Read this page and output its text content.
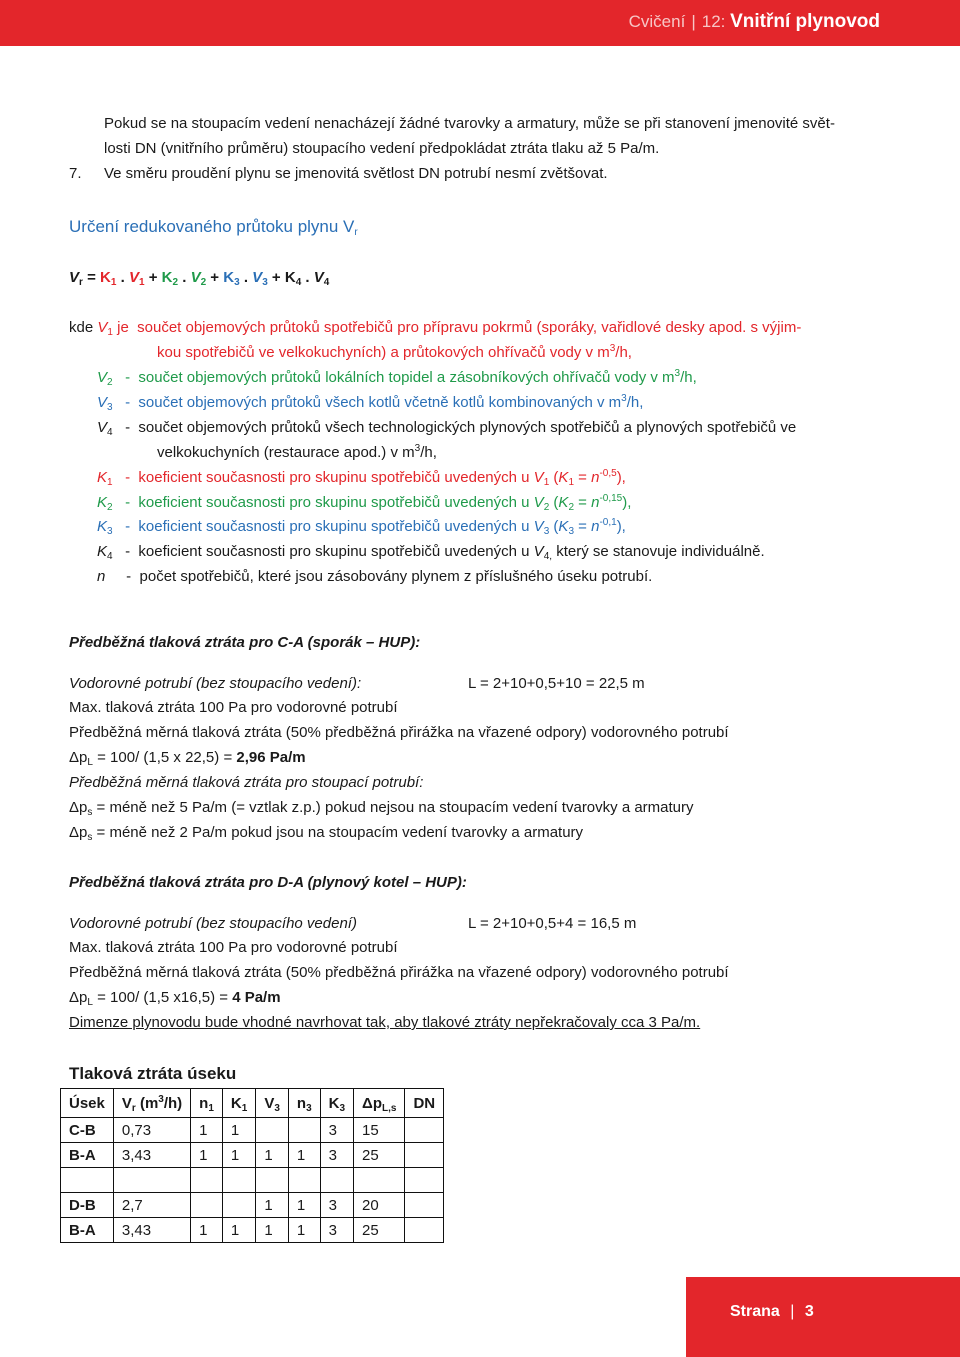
Cvičení | 12: Vnitřní plynovod
Pokud se na stoupacím vedení nenacházejí žádné tvarovky a armatury, může se při stanovení jmenovité svět-
losti DN (vnitřního průměru) stoupacího vedení předpokládat ztráta tlaku až 5 Pa/m.
7. Ve směru proudění plynu se jmenovitá světlost DN potrubí nesmí zvětšovat.
Určení redukovaného průtoku plynu $V_r$
$V_r = K_1$ . $V_1 + K_2$ . $V_2 + K_3$ . $V_3 + K_4$ . $V_4$
kde $V_1$ je součet objemových průtoků spotřebičů pro přípravu pokrmů (sporáky, vařidlové desky apod. s výjim-
kou spotřebičů ve velkokuchyních) a průtokových ohřívačů vody v $m^3/h$,
$V_2$   -  součet objemových průtoků lokálních topidel a zásobníkových ohřívačů vody v $m^3/h$,
$V_3$   -  součet objemových průtoků všech kotlů včetně kotlů kombinovaných v $m^3/h$,
$V_4$   -  součet objemových průtoků všech technologických plynových spotřebičů a plynových spotřebičů ve
velkokuchyních (restaurace apod.) v $m^3/h$,
$K_1$   -  koeficient současnosti pro skupinu spotřebičů uvedených u $V_1$ $(K_1 = n^{-0,5})$,
$K_2$   -  koeficient současnosti pro skupinu spotřebičů uvedených u $V_2$ $(K_2 = n^{-0,15})$,
$K_3$   -  koeficient současnosti pro skupinu spotřebičů uvedených u $V_3$ $(K_3 = n^{-0,1})$,
$K_4$   -  koeficient současnosti pro skupinu spotřebičů uvedených u $V_{4,}$ který se stanovuje individuálně.
n     -  počet spotřebičů, které jsou zásobovány plynem z příslušného úseku potrubí.
Předběžná tlaková ztráta pro C-A (sporák – HUP):
Vodorovné potrubí (bez stoupacího vedení):	L = 2+10+0,5+10 = 22,5 m
Max. tlaková ztráta 100 Pa pro vodorovné potrubí
Předběžná měrná tlaková ztráta (50% předběžná přirážka na vřazené odpory) vodorovného potrubí
$\Delta p_L = 100/$ (1,5 x 22,5) = 2,96 Pa/m
Předběžná měrná tlaková ztráta pro stoupací potrubí:
$\Delta p_s$ = méně než 5 Pa/m (= vztlak z.p.) pokud nejsou na stoupacím vedení tvarovky a armatury
$\Delta p_s$ = méně než 2 Pa/m pokud jsou na stoupacím vedení tvarovky a armatury
Předběžná tlaková ztráta pro D-A (plynový kotel – HUP):
Vodorovné potrubí (bez stoupacího vedení)	L = 2+10+0,5+4 = 16,5 m
Max. tlaková ztráta 100 Pa pro vodorovné potrubí
Předběžná měrná tlaková ztráta (50% předběžná přirážka na vřazené odpory) vodorovného potrubí
$\Delta p_L = 100/$ (1,5 x16,5) = 4 Pa/m
Dimenze plynovodu bude vhodné navrhovat tak, aby tlakové ztráty nepřekračovaly cca 3 Pa/m.
Tlaková ztráta úseku
Úsek	$V_r$ $(m^3/h)$	$n_1$	$K_1$	$V_3$	$n_3$	$K_3$	$\Delta p_{L,s}$	DN
C-B	0,73	1	1			3	15	
B-A	3,43	1	1	1	1	3	25	

D-B	2,7			1	1	3	20	
B-A	3,43	1	1	1	1	3	25	
Strana | 3
